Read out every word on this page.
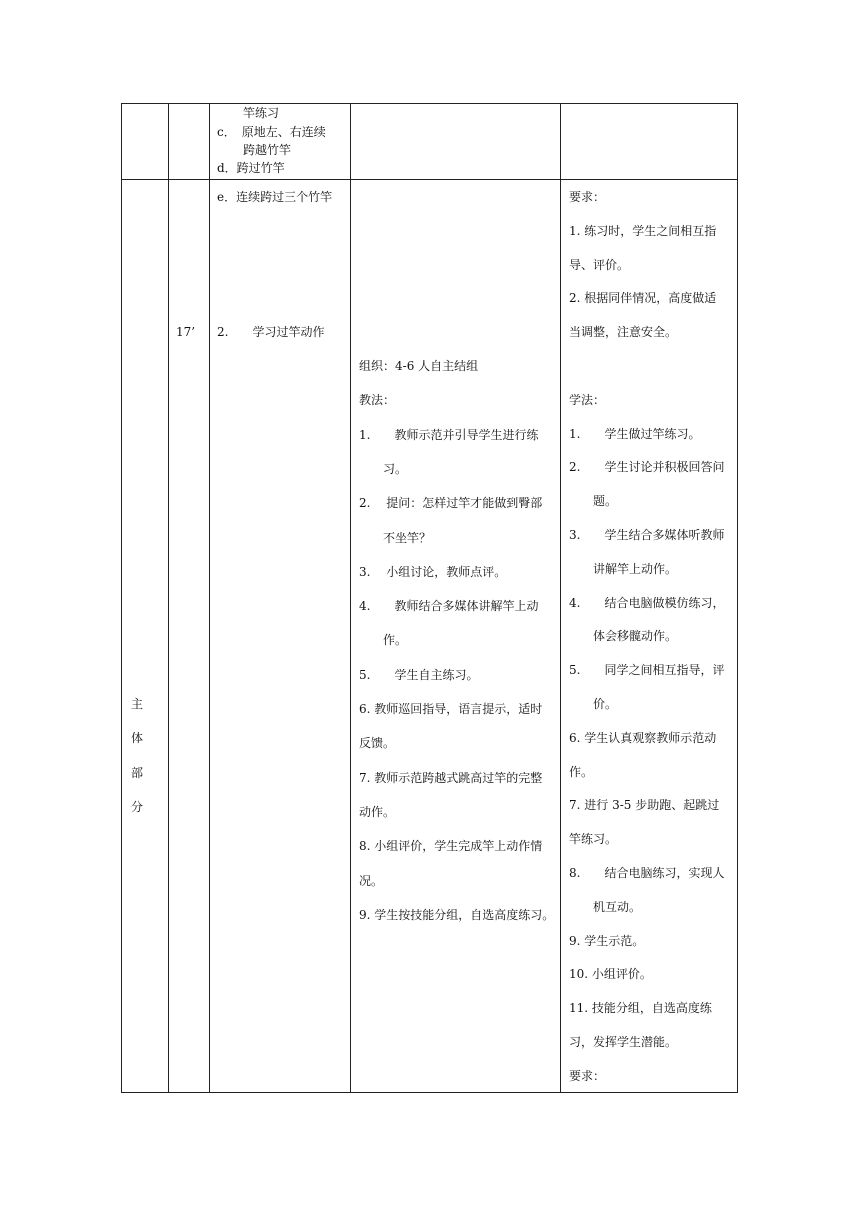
竿练习
c．　原地左、右连续
跨越竹竿
d．跨过竹竿
主
体
部
分
17’
e．连续跨过三个竹竿
2.　　学习过竿动作
组织：4-6 人自主结组
教法：
1.　　教师示范并引导学生进行练
　　习。
2.　 提问：怎样过竿才能做到臀部
　　不坐竿？
3.　 小组讨论，教师点评。
4.　　教师结合多媒体讲解竿上动
　　作。
5.　　学生自主练习。
6. 教师巡回指导，语言提示，适时
反馈。
7. 教师示范跨越式跳高过竿的完整
动作。
8. 小组评价，学生完成竿上动作情
况。
9. 学生按技能分组，自选高度练习。
要求：
1. 练习时，学生之间相互指
导、评价。
2. 根据同伴情况，高度做适
当调整，注意安全。
学法：
1.　　学生做过竿练习。
2.　　学生讨论并积极回答问
　　题。
3.　　学生结合多媒体听教师
　　讲解竿上动作。
4.　　结合电脑做模仿练习，
　　体会移髋动作。
5.　　同学之间相互指导，评
　　价。
6. 学生认真观察教师示范动
作。
7. 进行 3-5 步助跑、起跳过
竿练习。
8.　　结合电脑练习，实现人
　　机互动。
9. 学生示范。
10. 小组评价。
11. 技能分组，自选高度练
习，发挥学生潜能。
要求：
